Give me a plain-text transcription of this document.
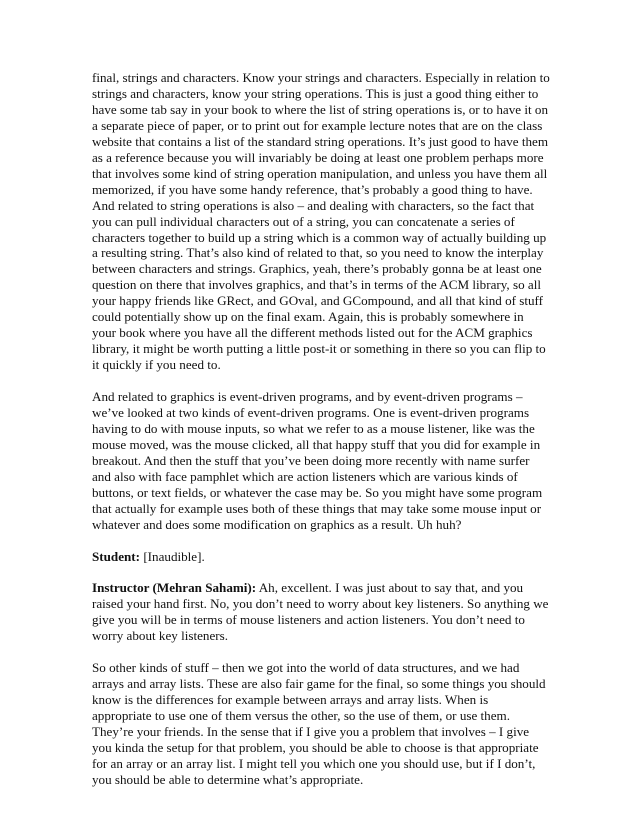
final, strings and characters. Know your strings and characters. Especially in relation to strings and characters, know your string operations. This is just a good thing either to have some tab say in your book to where the list of string operations is, or to have it on a separate piece of paper, or to print out for example lecture notes that are on the class website that contains a list of the standard string operations. It’s just good to have them as a reference because you will invariably be doing at least one problem perhaps more that involves some kind of string operation manipulation, and unless you have them all memorized, if you have some handy reference, that’s probably a good thing to have. And related to string operations is also – and dealing with characters, so the fact that you can pull individual characters out of a string, you can concatenate a series of characters together to build up a string which is a common way of actually building up a resulting string. That’s also kind of related to that, so you need to know the interplay between characters and strings. Graphics, yeah, there’s probably gonna be at least one question on there that involves graphics, and that’s in terms of the ACM library, so all your happy friends like GRect, and GOval, and GCompound, and all that kind of stuff could potentially show up on the final exam. Again, this is probably somewhere in your book where you have all the different methods listed out for the ACM graphics library, it might be worth putting a little post-it or something in there so you can flip to it quickly if you need to.

And related to graphics is event-driven programs, and by event-driven programs – we’ve looked at two kinds of event-driven programs. One is event-driven programs having to do with mouse inputs, so what we refer to as a mouse listener, like was the mouse moved, was the mouse clicked, all that happy stuff that you did for example in breakout. And then the stuff that you’ve been doing more recently with name surfer and also with face pamphlet which are action listeners which are various kinds of buttons, or text fields, or whatever the case may be. So you might have some program that actually for example uses both of these things that may take some mouse input or whatever and does some modification on graphics as a result. Uh huh?

Student: [Inaudible].

Instructor (Mehran Sahami): Ah, excellent. I was just about to say that, and you raised your hand first. No, you don’t need to worry about key listeners. So anything we give you will be in terms of mouse listeners and action listeners. You don’t need to worry about key listeners.

So other kinds of stuff – then we got into the world of data structures, and we had arrays and array lists. These are also fair game for the final, so some things you should know is the differences for example between arrays and array lists. When is appropriate to use one of them versus the other, so the use of them, or use them. They’re your friends. In the sense that if I give you a problem that involves – I give you kinda the setup for that problem, you should be able to choose is that appropriate for an array or an array list. I might tell you which one you should use, but if I don’t, you should be able to determine what’s appropriate.
